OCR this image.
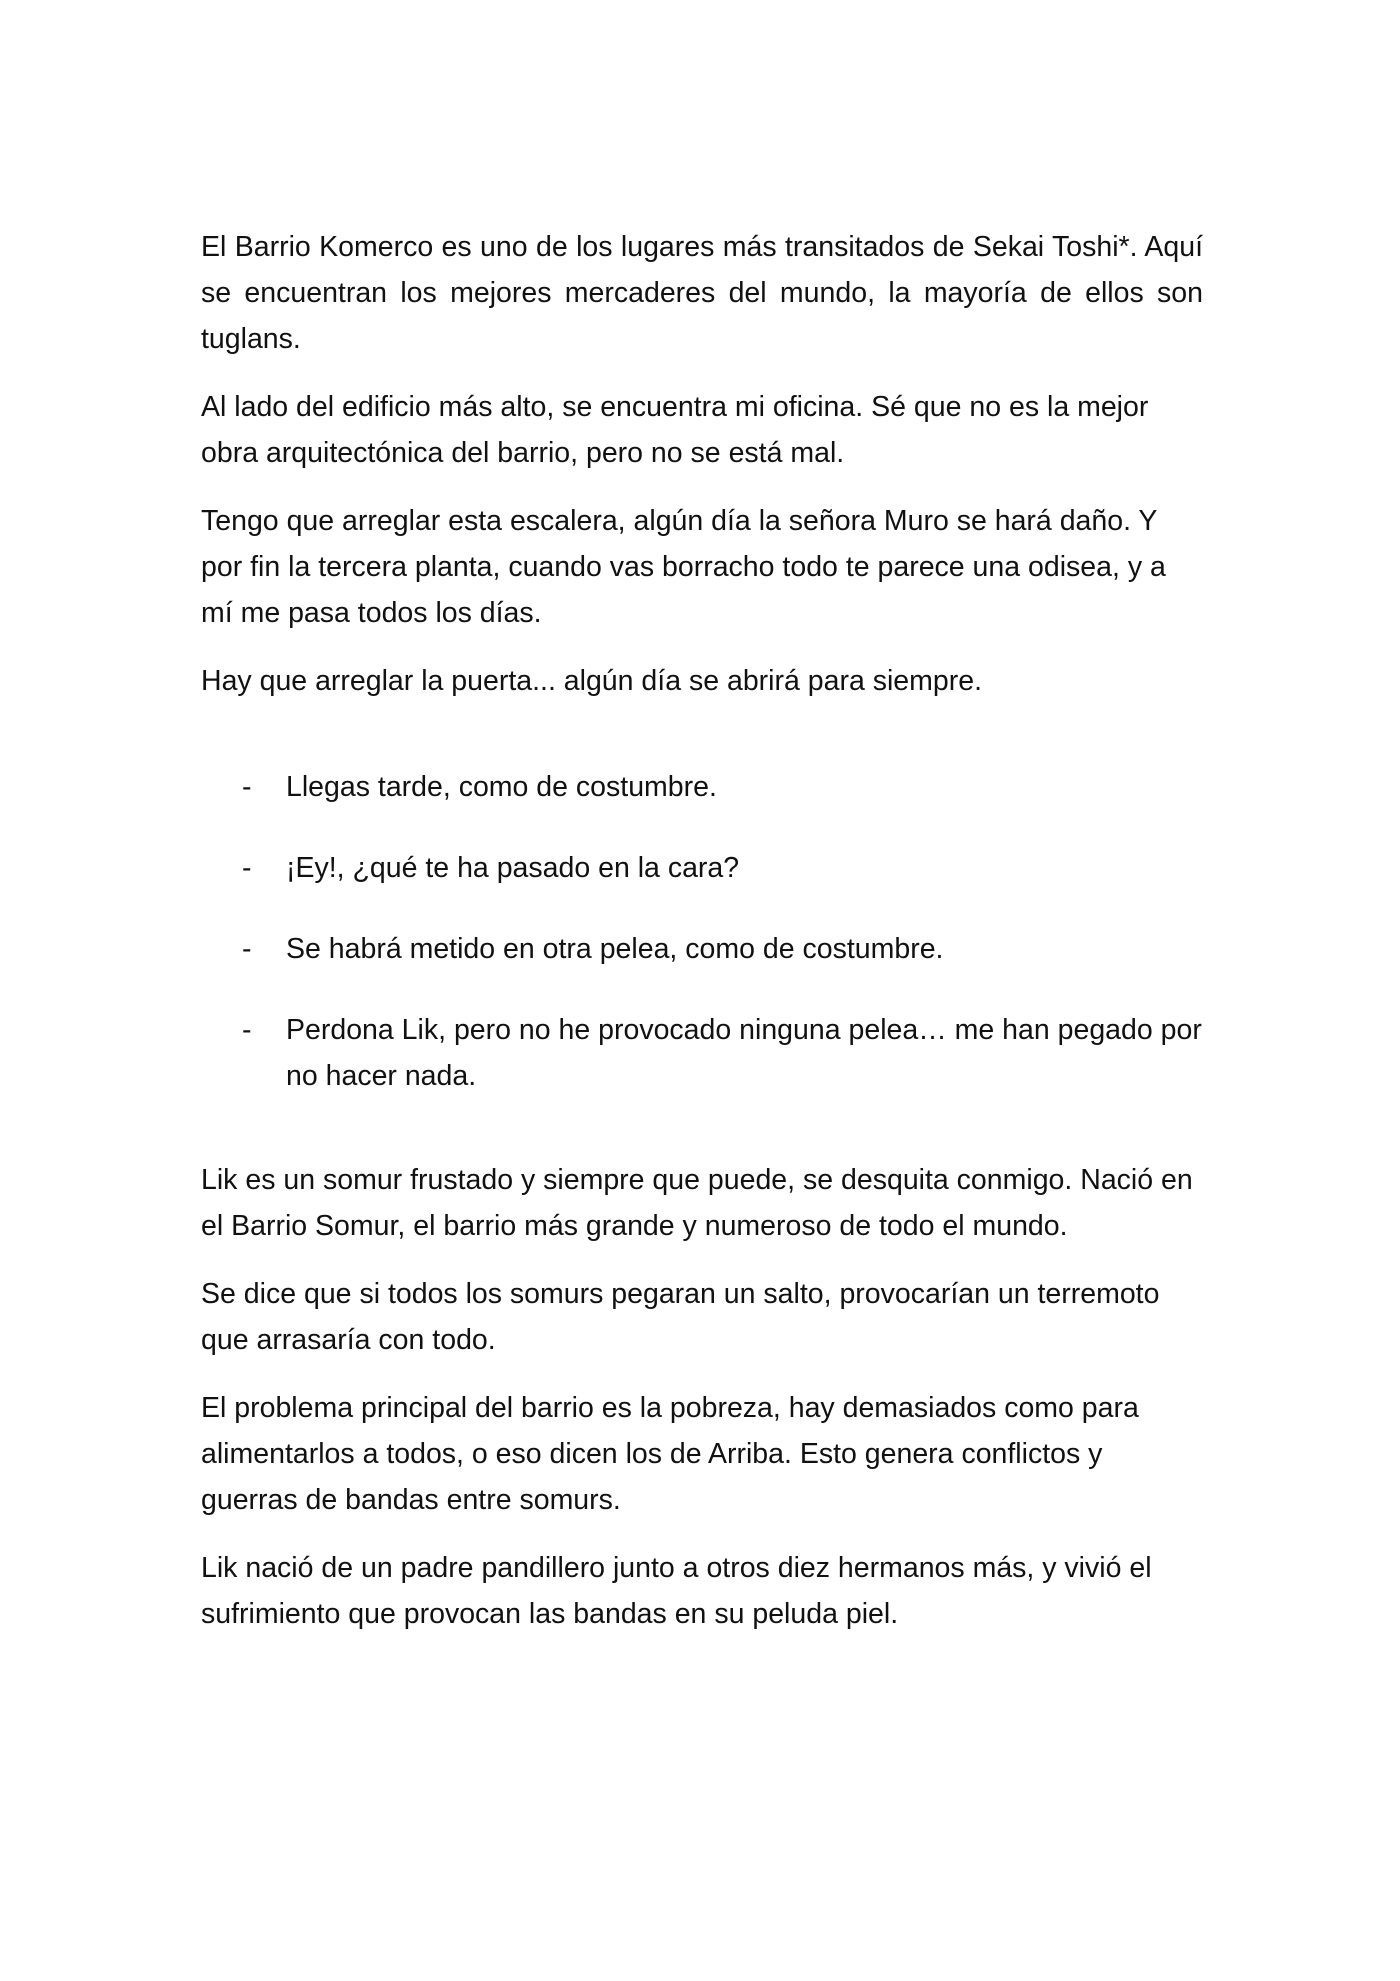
El Barrio Komerco es uno de los lugares más transitados de Sekai Toshi*. Aquí se encuentran los mejores mercaderes del mundo, la mayoría de ellos son tuglans.

Al lado del edificio más alto, se encuentra mi oficina. Sé que no es la mejor obra arquitectónica del barrio, pero no se está mal.

Tengo que arreglar esta escalera, algún día la señora Muro se hará daño. Y por fin la tercera planta, cuando vas borracho todo te parece una odisea, y a mí me pasa todos los días.

Hay que arreglar la puerta... algún día se abrirá para siempre.

- Llegas tarde, como de costumbre.
- ¡Ey!, ¿qué te ha pasado en la cara?
- Se habrá metido en otra pelea, como de costumbre.
- Perdona Lik, pero no he provocado ninguna pelea… me han pegado por no hacer nada.

Lik es un somur frustado y siempre que puede, se desquita conmigo. Nació en el Barrio Somur, el barrio más grande y numeroso de todo el mundo.

Se dice que si todos los somurs pegaran un salto, provocarían un terremoto que arrasaría con todo.

El problema principal del barrio es la pobreza, hay demasiados como para alimentarlos a todos, o eso dicen los de Arriba. Esto genera conflictos y guerras de bandas entre somurs.

Lik nació de un padre pandillero junto a otros diez hermanos más, y vivió el sufrimiento que provocan las bandas en su peluda piel.
